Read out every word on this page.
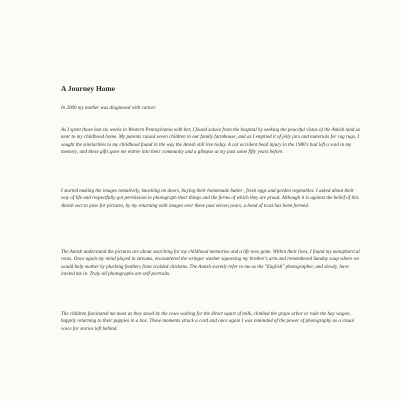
A Journey Home

In 2000 my mother was diagnosed with cancer.

As I spent those last six weeks in Western Pennsylvania with her, I found solace from the hospital by seeking the peaceful vistas of the Amish land so near to my childhood home. My parents raised seven children in our family farmhouse, and as I emptied it of jelly jars and materials for rag rugs, I sought the similarities to my childhood found in the way the Amish still live today. A car accident head injury in the 1980's had left a void in my memory, and these gifts gave me entrée into their community and a glimpse at my past some fifty years before.

I started making the images tentatively, knocking on doors, buying their homemade butter , fresh eggs and garden vegetables. I asked about their way of life and respectfully got permission to photograph their things and the farms of which they are proud. Although it is against the belief of this Amish sect to pose for pictures, by my returning with images over these past eleven years, a bond of trust has been formed.

The Amish understand the pictures are about searching for my childhood memories and a life now gone. Within their lives, I found my metaphorical roots. Once again my mind played in streams, encountered the wringer washer squeezing my brother's arm and remembered Sunday soup where we would help mother by plucking feathers from scalded chickens. The Amish sweetly refer to me as the "English" photographer, and slowly, have invited me in. Truly all photographs are self-portraits.

The children fascinated me most as they stood by the cows waiting for the direct squirt of milk, climbed the grape arbor or rode the hay wagon, happily returning to their puppies in a box. These moments struck a cord and once again I was reminded of the power of photography as a visual voice for stories left behind.
